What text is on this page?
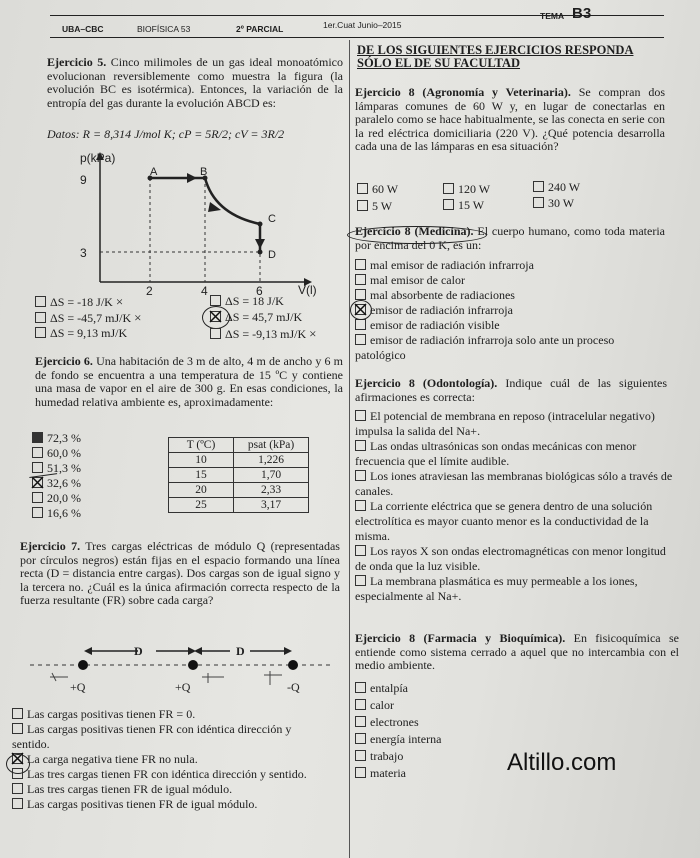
UBA–CBC	BIOFÍSICA 53	2º PARCIAL	1er.Cuat Junio–2015
TEMA B3
Ejercicio 5. Cinco milimoles de un gas ideal monoatómico evolucionan reversiblemente como muestra la figura (la evolución BC es isotérmica). Entonces, la variación de la entropía del gas durante la evolución ABCD es:
Datos: R = 8,314 J/mol K; cP = 5R/2; cV = 3R/2
p(kPa)
V(l)
9
3
2	4	6
A	B
C
D
ΔS = -18 J/K ×
ΔS = -45,7 mJ/K ×
ΔS = 9,13 mJ/K
ΔS = 18 J/K
ΔS = 45,7 mJ/K
ΔS = -9,13 mJ/K ×
Ejercicio 6. Una habitación de 3 m de alto, 4 m de ancho y 6 m de fondo se encuentra a una temperatura de 15 ºC y contiene una masa de vapor en el aire de 300 g. En esas condiciones, la humedad relativa ambiente es, aproximadamente:
72,3 %
60,0 %
51,3 %
32,6 %
20,0 %
16,6 %
T (ºC)	psat (kPa)
10	1,226
15	1,70
20	2,33
25	3,17
Ejercicio 7. Tres cargas eléctricas de módulo Q (representadas por círculos negros) están fijas en el espacio formando una línea recta (D = distancia entre cargas). Dos cargas son de igual signo y la tercera no. ¿Cuál es la única afirmación correcta respecto de la fuerza resultante (FR) sobre cada carga?
D	D
+Q	+Q	-Q
Las cargas positivas tienen FR = 0.
Las cargas positivas tienen FR con idéntica dirección y sentido.
La carga negativa tiene FR no nula.
Las tres cargas tienen FR con idéntica dirección y sentido.
Las tres cargas tienen FR de igual módulo.
Las cargas positivas tienen FR de igual módulo.
DE LOS SIGUIENTES EJERCICIOS RESPONDA SÓLO EL DE SU FACULTAD
Ejercicio 8 (Agronomía y Veterinaria). Se compran dos lámparas comunes de 60 W y, en lugar de conectarlas en paralelo como se hace habitualmente, se las conecta en serie con la red eléctrica domiciliaria (220 V). ¿Qué potencia desarrolla cada una de las lámparas en esa situación?
60 W	120 W	240 W
5 W	15 W	30 W
Ejercicio 8 (Medicina). El cuerpo humano, como toda materia por encima del 0 K, es un:
mal emisor de radiación infrarroja
mal emisor de calor
mal absorbente de radiaciones
emisor de radiación infrarroja
emisor de radiación visible
emisor de radiación infrarroja solo ante un proceso patológico
Ejercicio 8 (Odontología). Indique cuál de las siguientes afirmaciones es correcta:
El potencial de membrana en reposo (intracelular negativo) impulsa la salida del Na+.
Las ondas ultrasónicas son ondas mecánicas con menor frecuencia que el límite audible.
Los iones atraviesan las membranas biológicas sólo a través de canales.
La corriente eléctrica que se genera dentro de una solución electrolítica es mayor cuanto menor es la conductividad de la misma.
Los rayos X son ondas electromagnéticas con menor longitud de onda que la luz visible.
La membrana plasmática es muy permeable a los iones, especialmente al Na+.
Ejercicio 8 (Farmacia y Bioquímica). En fisicoquímica se entiende como sistema cerrado a aquel que no intercambia con el medio ambiente.
entalpía
calor
electrones
energía interna
trabajo
materia	Altillo.com
